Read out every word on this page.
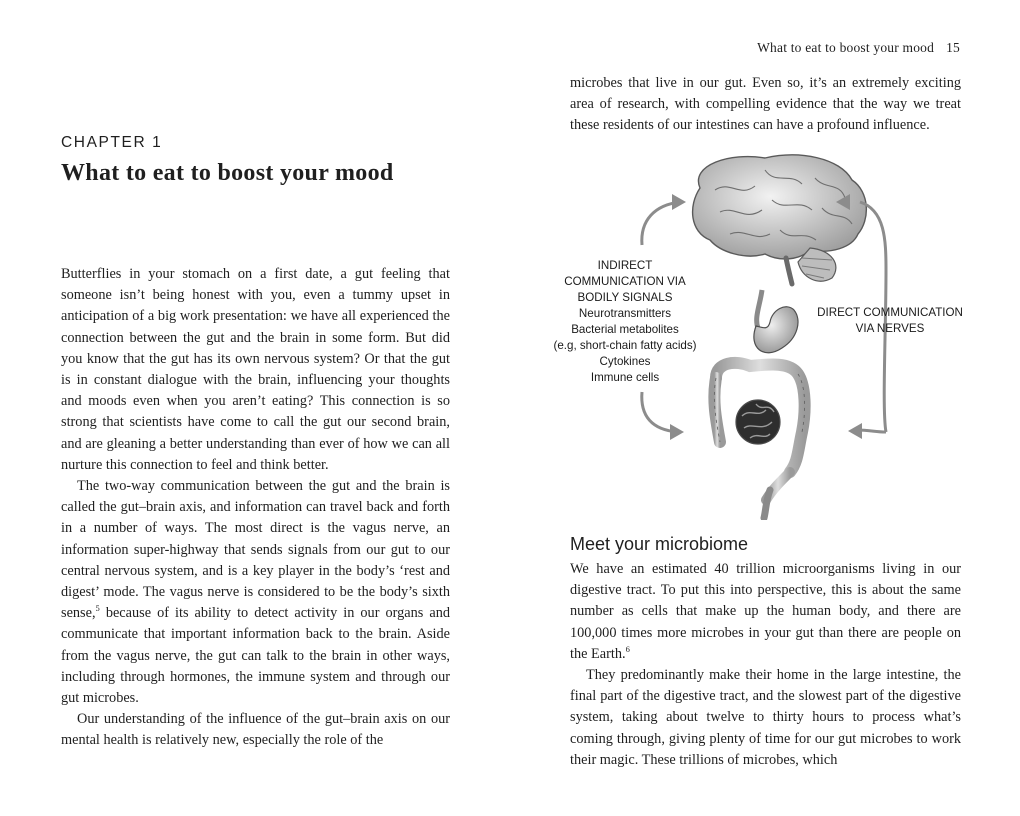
CHAPTER 1
What to eat to boost your mood

Butterflies in your stomach on a first date, a gut feeling that someone isn’t being honest with you, even a tummy upset in anticipation of a big work presentation: we have all experienced the connection between the gut and the brain in some form. But did you know that the gut has its own nervous system? Or that the gut is in constant dialogue with the brain, influencing your thoughts and moods even when you aren’t eating? This connection is so strong that scientists have come to call the gut our second brain, and are gleaning a better understanding than ever of how we can all nurture this connection to feel and think better.

The two-way communication between the gut and the brain is called the gut–brain axis, and information can travel back and forth in a number of ways. The most direct is the vagus nerve, an information super-highway that sends signals from our gut to our central nervous system, and is a key player in the body’s ‘rest and digest’ mode. The vagus nerve is considered to be the body’s sixth sense,$^5$ because of its ability to detect activity in our organs and communicate that important information back to the brain. Aside from the vagus nerve, the gut can talk to the brain in other ways, including through hormones, the immune system and through our gut microbes.

Our understanding of the influence of the gut–brain axis on our mental health is relatively new, especially the role of the

What to eat to boost your mood 15

microbes that live in our gut. Even so, it’s an extremely exciting area of research, with compelling evidence that the way we treat these residents of our intestines can have a profound influence.

INDIRECT
COMMUNICATION VIA
BODILY SIGNALS
Neurotransmitters
Bacterial metabolites
(e.g, short-chain fatty acids)
Cytokines
Immune cells
DIRECT COMMUNICATION
VIA NERVES
Meet your microbiome

We have an estimated 40 trillion microorganisms living in our digestive tract. To put this into perspective, this is about the same number as cells that make up the human body, and there are 100,000 times more microbes in your gut than there are people on the Earth.$^6$

They predominantly make their home in the large intestine, the final part of the digestive tract, and the slowest part of the digestive system, taking about twelve to thirty hours to process what’s coming through, giving plenty of time for our gut microbes to work their magic. These trillions of microbes, which
